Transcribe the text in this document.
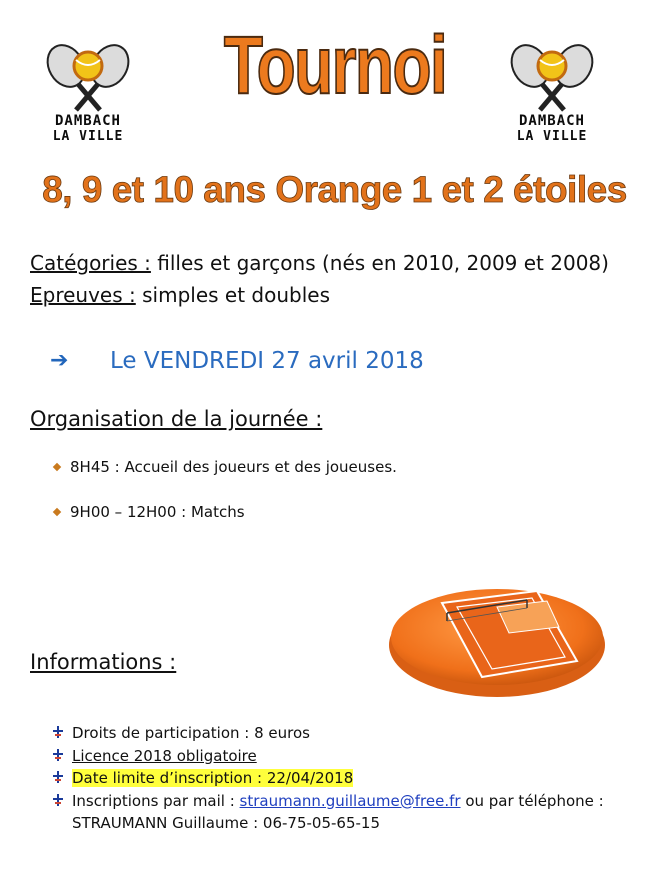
DAMBACH
LA VILLE
DAMBACH
LA VILLE
Tournoi
8, 9 et 10 ans Orange 1 et 2 étoiles
Catégories : filles et garçons (nés en 2010, 2009 et 2008)
Epreuves : simples et doubles
➔ Le VENDREDI 27 avril 2018
Organisation de la journée :
8H45 : Accueil des joueurs et des joueuses.
9H00 – 12H00 : Matchs
Informations :
Droits de participation : 8 euros
Licence 2018 obligatoire
Date limite d’inscription : 22/04/2018
Inscriptions par mail : straumann.guillaume@free.fr ou par téléphone :
STRAUMANN Guillaume : 06-75-05-65-15
